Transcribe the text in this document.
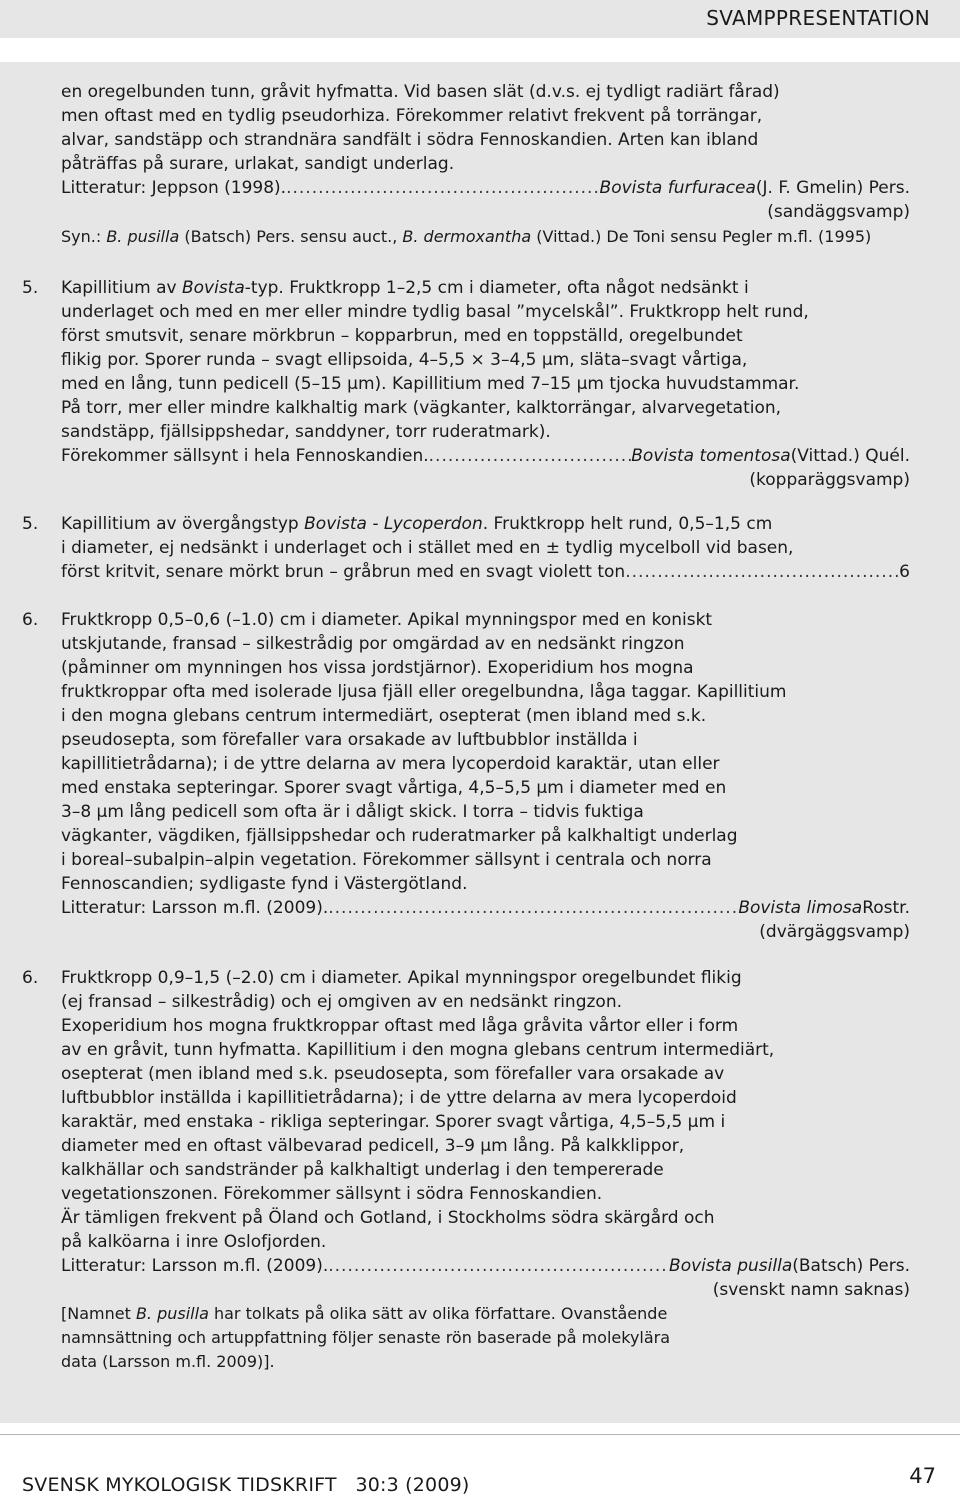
SVAMPPRESENTATION
en oregelbunden tunn, gråvit hyfmatta. Vid basen slät (d.v.s. ej tydligt radiärt fårad)
men oftast med en tydlig pseudorhiza. Förekommer relativt frekvent på torrängar,
alvar, sandstäpp och strandnära sandfält i södra Fennoskandien. Arten kan ibland
påträffas på surare, urlakat, sandigt underlag.
Litteratur: Jeppson (1998). .....	Bovista furfuracea (J. F. Gmelin) Pers.
(sandäggsvamp)
Syn.: B. pusilla (Batsch) Pers. sensu auct., B. dermoxantha (Vittad.) De Toni sensu Pegler m.fl. (1995)
5. Kapillitium av Bovista-typ. Fruktkropp 1–2,5 cm i diameter, ofta något nedsänkt i
underlaget och med en mer eller mindre tydlig basal ”mycelskål”. Fruktkropp helt rund,
först smutsvit, senare mörkbrun – kopparbrun, med en toppställd, oregelbundet
flikig por. Sporer runda – svagt ellipsoida, 4–5,5 × 3–4,5 µm, släta–svagt vårtiga,
med en lång, tunn pedicell (5–15 µm). Kapillitium med 7–15 µm tjocka huvudstammar.
På torr, mer eller mindre kalkhaltig mark (vägkanter, kalktorrängar, alvarvegetation,
sandstäpp, fjällsippshedar, sanddyner, torr ruderatmark).
Förekommer sällsynt i hela Fennoskandien. .....	Bovista tomentosa (Vittad.) Quél.
(kopparäggsvamp)
5. Kapillitium av övergångstyp Bovista - Lycoperdon. Fruktkropp helt rund, 0,5–1,5 cm
i diameter, ej nedsänkt i underlaget och i stället med en ± tydlig mycelboll vid basen,
först kritvit, senare mörkt brun – gråbrun med en svagt violett ton .....	6
6. Fruktkropp 0,5–0,6 (–1.0) cm i diameter. Apikal mynningspor med en koniskt
utskjutande, fransad – silkestrådig por omgärdad av en nedsänkt ringzon
(påminner om mynningen hos vissa jordstjärnor). Exoperidium hos mogna
fruktkroppar ofta med isolerade ljusa fjäll eller oregelbundna, låga taggar. Kapillitium
i den mogna glebans centrum intermediärt, osepterat (men ibland med s.k.
pseudosepta, som förefaller vara orsakade av luftbubblor inställda i
kapillitietrådarna); i de yttre delarna av mera lycoperdoid karaktär, utan eller
med enstaka septeringar. Sporer svagt vårtiga, 4,5–5,5 µm i diameter med en
3–8 µm lång pedicell som ofta är i dåligt skick. I torra – tidvis fuktiga
vägkanter, vägdiken, fjällsippshedar och ruderatmarker på kalkhaltigt underlag
i boreal–subalpin–alpin vegetation. Förekommer sällsynt i centrala och norra
Fennoscandien; sydligaste fynd i Västergötland.
Litteratur: Larsson m.fl. (2009). .....	Bovista limosa Rostr.
(dvärgäggsvamp)
6. Fruktkropp 0,9–1,5 (–2.0) cm i diameter. Apikal mynningspor oregelbundet flikig
(ej fransad – silkestrådig) och ej omgiven av en nedsänkt ringzon.
Exoperidium hos mogna fruktkroppar oftast med låga gråvita vårtor eller i form
av en gråvit, tunn hyfmatta. Kapillitium i den mogna glebans centrum intermediärt,
osepterat (men ibland med s.k. pseudosepta, som förefaller vara orsakade av
luftbubblor inställda i kapillitietrådarna); i de yttre delarna av mera lycoperdoid
karaktär, med enstaka - rikliga septeringar. Sporer svagt vårtiga, 4,5–5,5 µm i
diameter med en oftast välbevarad pedicell, 3–9 µm lång. På kalkklippor,
kalkhällar och sandstränder på kalkhaltigt underlag i den tempererade
vegetationszonen. Förekommer sällsynt i södra Fennoskandien.
Är tämligen frekvent på Öland och Gotland, i Stockholms södra skärgård och
på kalköarna i inre Oslofjorden.
Litteratur: Larsson m.fl. (2009). .....	Bovista pusilla (Batsch) Pers.
(svenskt namn saknas)
[Namnet B. pusilla har tolkats på olika sätt av olika författare. Ovanstående
namnsättning och artuppfattning följer senaste rön baserade på molekylära
data (Larsson m.fl. 2009)].
SVENSK MYKOLOGISK TIDSKRIFT   30:3 (2009)	47
